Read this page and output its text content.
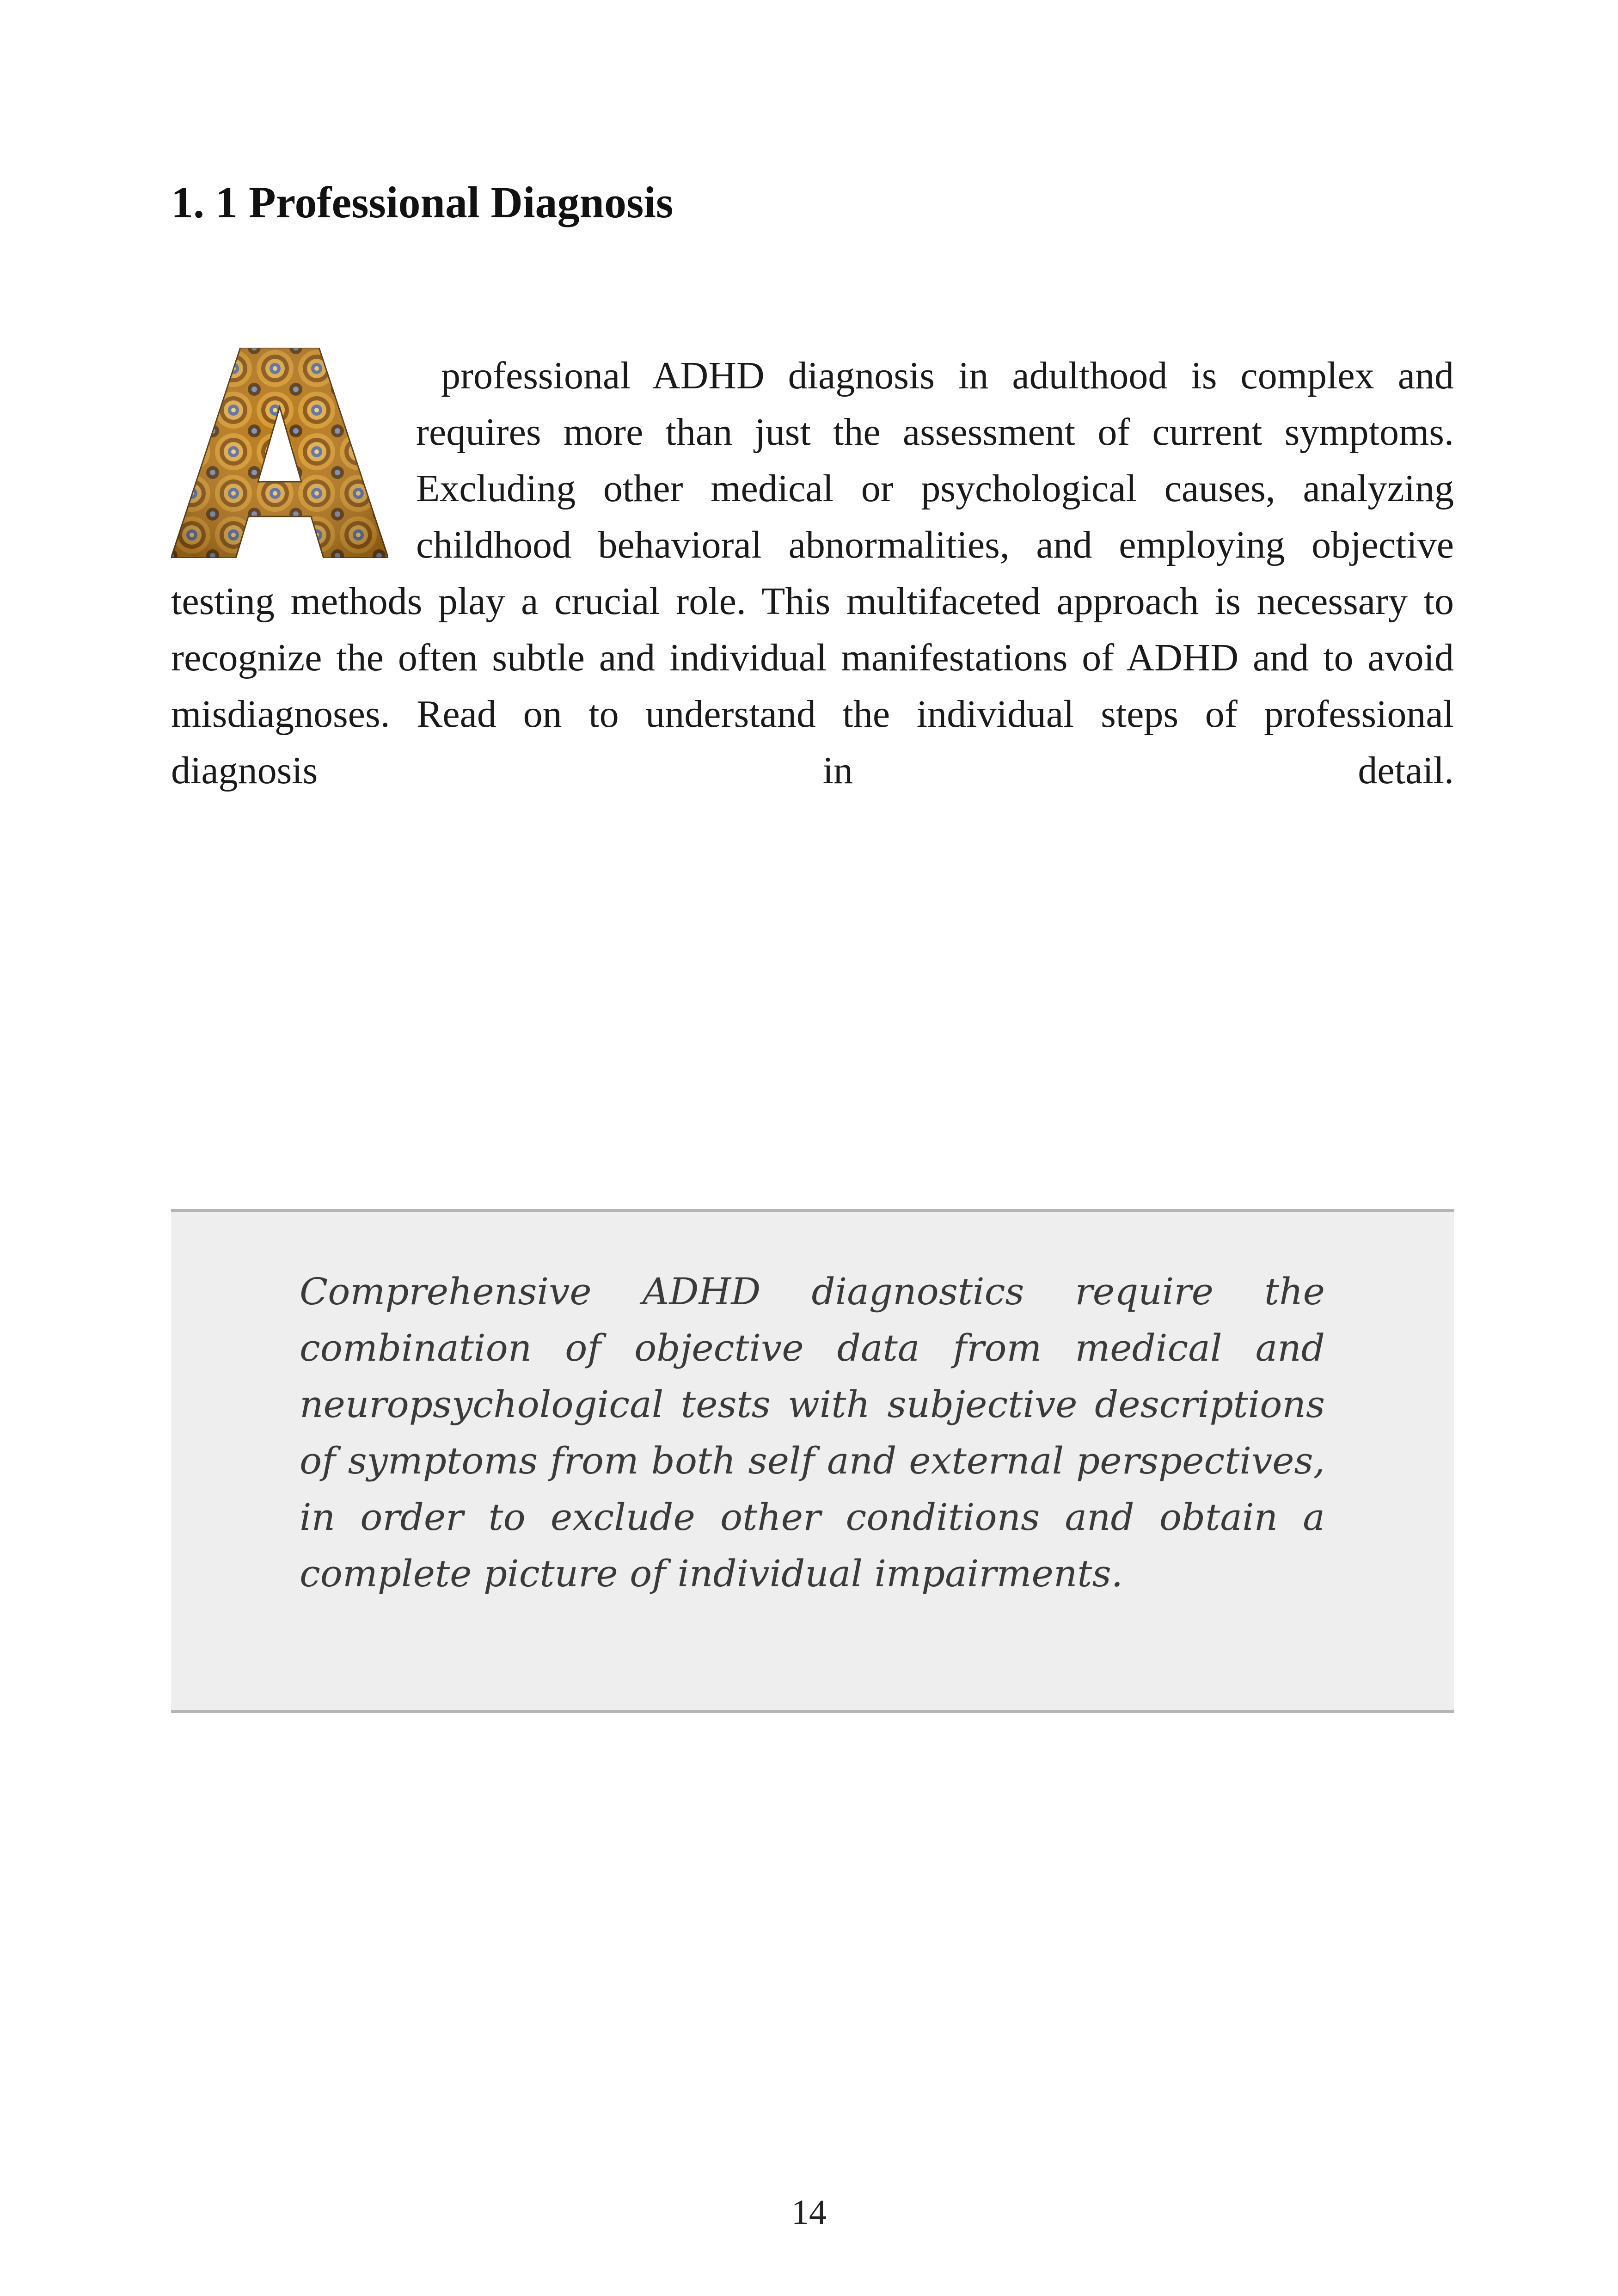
1. 1 Professional Diagnosis

professional ADHD diagnosis in adulthood is complex and requires more than just the assessment of current symptoms. Excluding other medical or psychological causes, analyzing childhood behavioral abnormalities, and employing objective testing methods play a crucial role. This multifaceted approach is necessary to recognize the often subtle and individual manifestations of ADHD and to avoid misdiagnoses. Read on to understand the individual steps of professional diagnosis in detail.

Comprehensive ADHD diagnostics require the combination of objective data from medical and neuropsychological tests with subjective descriptions of symptoms from both self and external perspectives, in order to exclude other conditions and obtain a complete picture of individual impairments.

14
